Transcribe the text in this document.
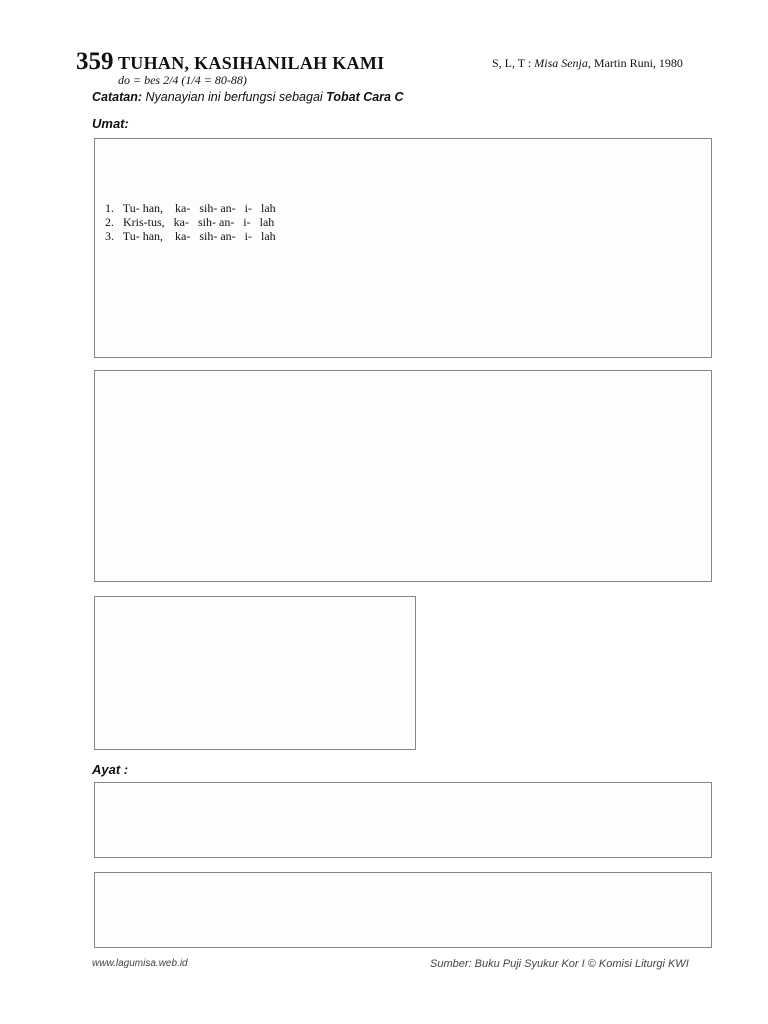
359 TUHAN, KASIHANILAH KAMI	S, L, T : Misa Senja, Martin Runi, 1980
do = bes 2/4 (1/4 = 80-88)
Catatan: Nyanayian ini berfungsi sebagai Tobat Cara C
Umat:
1.   Tu- han,    ka-   sih- an-   i-   lah
2.   Kris-tus,   ka-   sih- an-   i-   lah
3.   Tu- han,    ka-   sih- an-   i-   lah
Ayat :
www.lagumisa.web.id	Sumber: Buku Puji Syukur Kor I © Komisi Liturgi KWI
